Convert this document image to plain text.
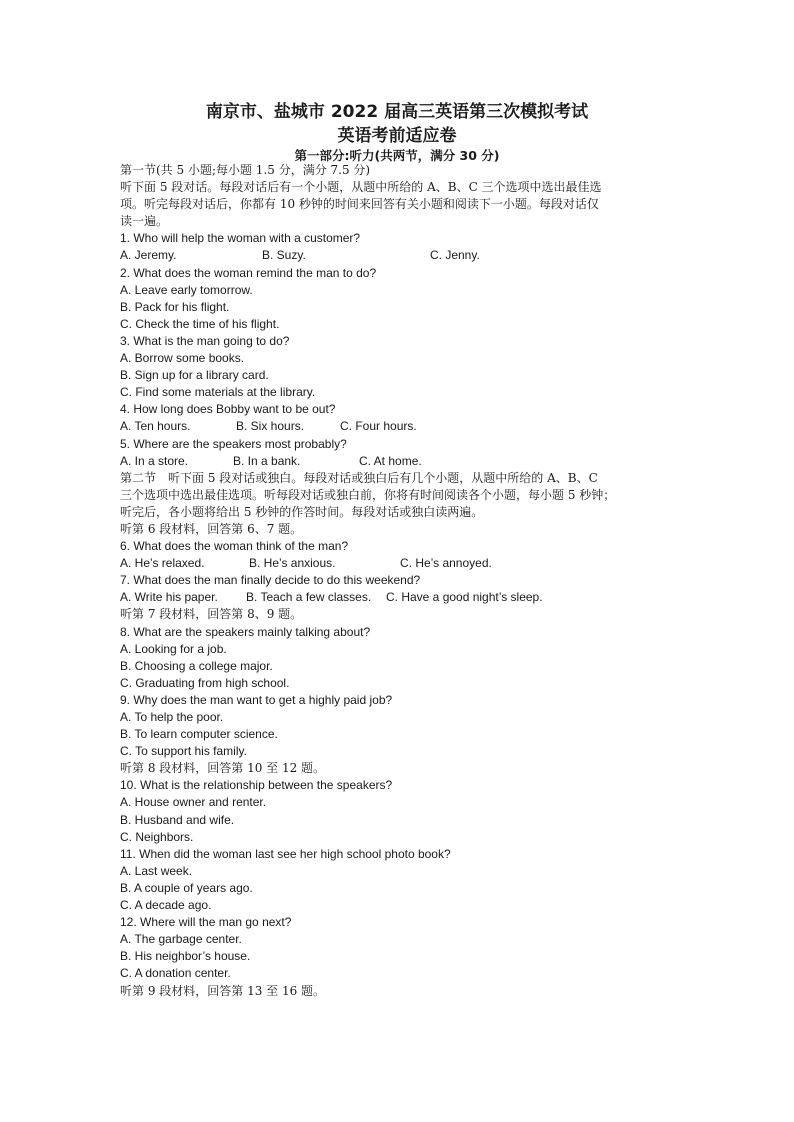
南京市、盐城市 2022 届高三英语第三次模拟考试
英语考前适应卷
第一部分:听力(共两节，满分 30 分)
第一节(共 5 小题;每小题 1.5 分，满分 7.5 分)
听下面 5 段对话。每段对话后有一个小题，从题中所给的 A、B、C 三个选项中选出最佳选
项。听完每段对话后，你都有 10 秒钟的时间来回答有关小题和阅读下一小题。每段对话仅
读一遍。
1. Who will help the woman with a customer?
A. Jeremy.	B. Suzy.	C. Jenny.
2. What does the woman remind the man to do?
A. Leave early tomorrow.
B. Pack for his flight.
C. Check the time of his flight.
3. What is the man going to do?
A. Borrow some books.
B. Sign up for a library card.
C. Find some materials at the library.
4. How long does Bobby want to be out?
A. Ten hours.	B. Six hours.	C. Four hours.
5. Where are the speakers most probably?
A. In a store.	B. In a bank.	C. At home.
第二节　听下面 5 段对话或独白。每段对话或独白后有几个小题，从题中所给的 A、B、C
三个选项中选出最佳选项。听每段对话或独白前，你将有时间阅读各个小题，每小题 5 秒钟；
听完后，各小题将给出 5 秒钟的作答时间。每段对话或独白读两遍。
听第 6 段材料，回答第 6、7 题。
6. What does the woman think of the man?
A. He’s relaxed.	B. He’s anxious.	C. He’s annoyed.
7. What does the man finally decide to do this weekend?
A. Write his paper. B. Teach a few classes. C. Have a good night’s sleep.
听第 7 段材料，回答第 8、9 题。
8. What are the speakers mainly talking about?
A. Looking for a job.
B. Choosing a college major.
C. Graduating from high school.
9. Why does the man want to get a highly paid job?
A. To help the poor.
B. To learn computer science.
C. To support his family.
听第 8 段材料，回答第 10 至 12 题。
10. What is the relationship between the speakers?
A. House owner and renter.
B. Husband and wife.
C. Neighbors.
11. When did the woman last see her high school photo book?
A. Last week.
B. A couple of years ago.
C. A decade ago.
12. Where will the man go next?
A. The garbage center.
B. His neighbor’s house.
C. A donation center.
听第 9 段材料，回答第 13 至 16 题。
